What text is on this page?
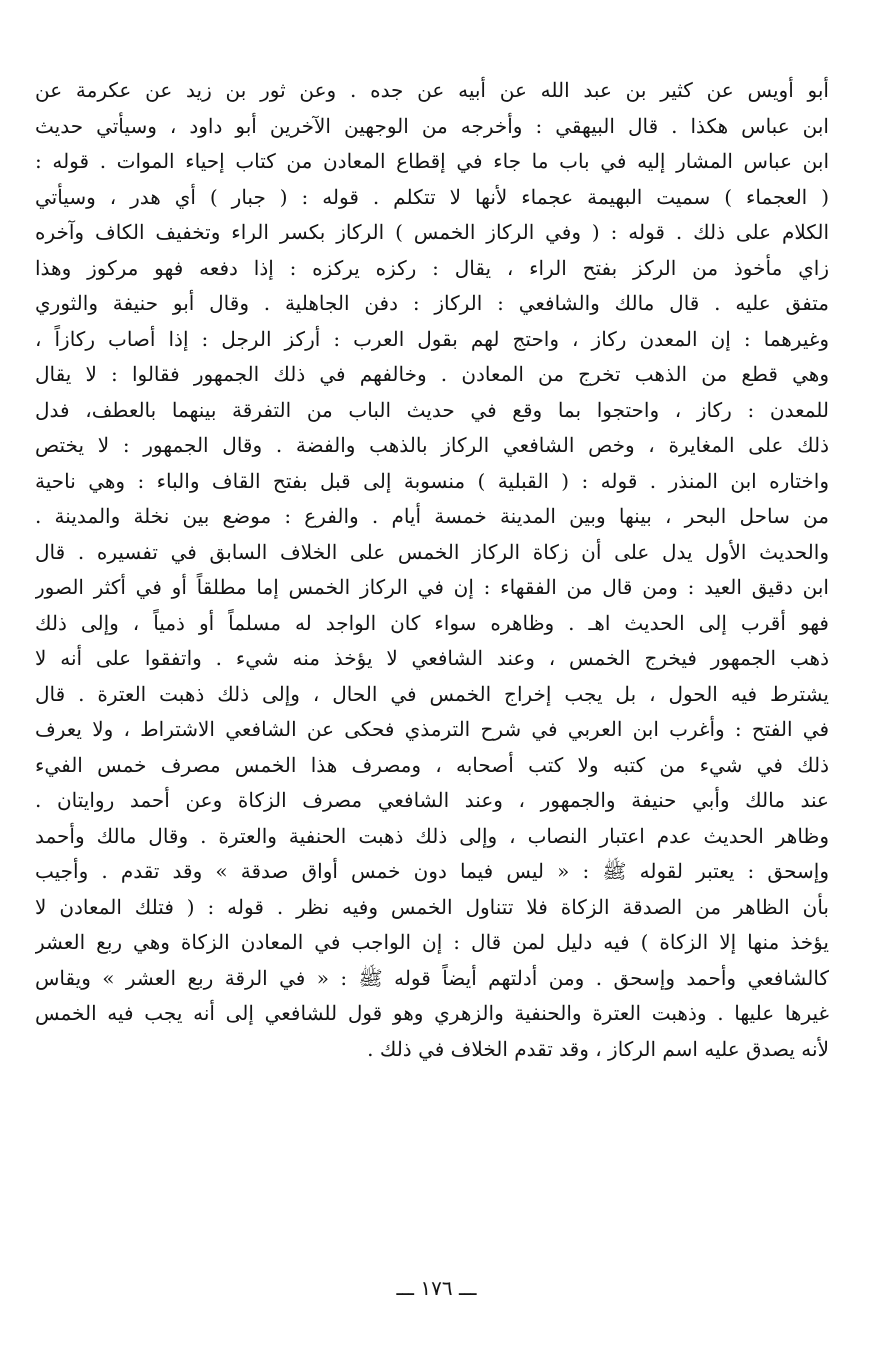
أبو أويس عن كثير بن عبد الله عن أبيه عن جده . وعن ثور بن زيد عن عكرمة عن
ابن عباس هكذا . قال البيهقي : وأخرجه من الوجهين الآخرين أبو داود ، وسيأتي حديث
ابن عباس المشار إليه في باب ما جاء في إقطاع المعادن من كتاب إحياء الموات . قوله :
( العجماء ) سميت البهيمة عجماء لأنها لا تتكلم . قوله : ( جبار ) أي هدر ، وسيأتي
الكلام على ذلك . قوله : ( وفي الركاز الخمس ) الركاز بكسر الراء وتخفيف الكاف وآخره
زاي مأخوذ من الركز بفتح الراء ، يقال : ركزه يركزه : إذا دفعه فهو مركوز وهذا
متفق عليه . قال مالك والشافعي : الركاز : دفن الجاهلية . وقال أبو حنيفة والثوري
وغيرهما : إن المعدن ركاز ، واحتج لهم بقول العرب : أركز الرجل : إذا أصاب ركازاً ،
وهي قطع من الذهب تخرج من المعادن . وخالفهم في ذلك الجمهور فقالوا : لا يقال
للمعدن : ركاز ، واحتجوا بما وقع في حديث الباب من التفرقة بينهما بالعطف، فدل
ذلك على المغايرة ، وخص الشافعي الركاز بالذهب والفضة . وقال الجمهور : لا يختص
واختاره ابن المنذر . قوله : ( القبلية ) منسوبة إلى قبل بفتح القاف والباء : وهي ناحية
من ساحل البحر ، بينها وبين المدينة خمسة أيام . والفرع : موضع بين نخلة والمدينة .
والحديث الأول يدل على أن زكاة الركاز الخمس على الخلاف السابق في تفسيره . قال
ابن دقيق العيد : ومن قال من الفقهاء : إن في الركاز الخمس إما مطلقاً أو في أكثر الصور
فهو أقرب إلى الحديث اهـ . وظاهره سواء كان الواجد له مسلماً أو ذمياً ، وإلى ذلك
ذهب الجمهور فيخرج الخمس ، وعند الشافعي لا يؤخذ منه شيء . واتفقوا على أنه لا
يشترط فيه الحول ، بل يجب إخراج الخمس في الحال ، وإلى ذلك ذهبت العترة . قال
في الفتح : وأغرب ابن العربي في شرح الترمذي فحكى عن الشافعي الاشتراط ، ولا يعرف
ذلك في شيء من كتبه ولا كتب أصحابه ، ومصرف هذا الخمس مصرف خمس الفيء
عند مالك وأبي حنيفة والجمهور ، وعند الشافعي مصرف الزكاة وعن أحمد روايتان .
وظاهر الحديث عدم اعتبار النصاب ، وإلى ذلك ذهبت الحنفية والعترة . وقال مالك وأحمد
وإسحق : يعتبر لقوله ﷺ : « ليس فيما دون خمس أواق صدقة » وقد تقدم . وأجيب
بأن الظاهر من الصدقة الزكاة فلا تتناول الخمس وفيه نظر . قوله : ( فتلك المعادن لا
يؤخذ منها إلا الزكاة ) فيه دليل لمن قال : إن الواجب في المعادن الزكاة وهي ربع العشر
كالشافعي وأحمد وإسحق . ومن أدلتهم أيضاً قوله ﷺ : « في الرقة ربع العشر » ويقاس
غيرها عليها . وذهبت العترة والحنفية والزهري وهو قول للشافعي إلى أنه يجب فيه الخمس
لأنه يصدق عليه اسم الركاز ، وقد تقدم الخلاف في ذلك .
ـــ ١٧٦ ـــ
